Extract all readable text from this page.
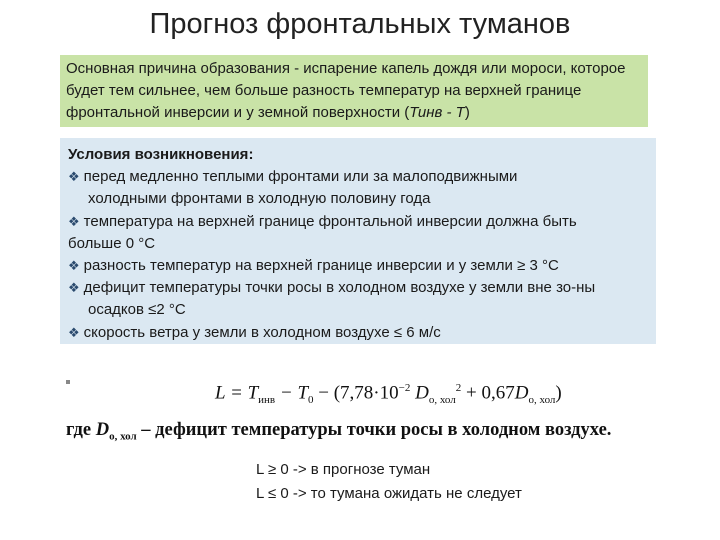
Прогноз фронтальных туманов
Основная причина образования - испарение капель дождя или мороси, которое будет тем сильнее, чем больше разность температур на верхней границе фронтальной инверсии и у земной поверхности (Тинв - Т)
Условия возникновения:
❖ перед медленно теплыми фронтами или за малоподвижными
холодными фронтами в холодную половину года
❖ температура на верхней границе фронтальной инверсии должна быть
больше 0 °С
❖ разность температур на верхней границе инверсии и у земли ≥ 3 °С
❖ дефицит температуры точки росы в холодном воздухе у земли вне зо-ны
осадков ≤2 °С
❖ скорость ветра у земли в холодном воздухе ≤ 6 м/с
$L = T_{инв} - T_0 - (7,78\cdot 10^{-2}$ $D_{о, хол}^2 + 0,67D_{о, хол}$)
где $D_{о, хол}$ – дефицит температуры точки росы в холодном воздухе.
L ≥ 0 -> в прогнозе туман
L ≤ 0 -> то тумана ожидать не следует
